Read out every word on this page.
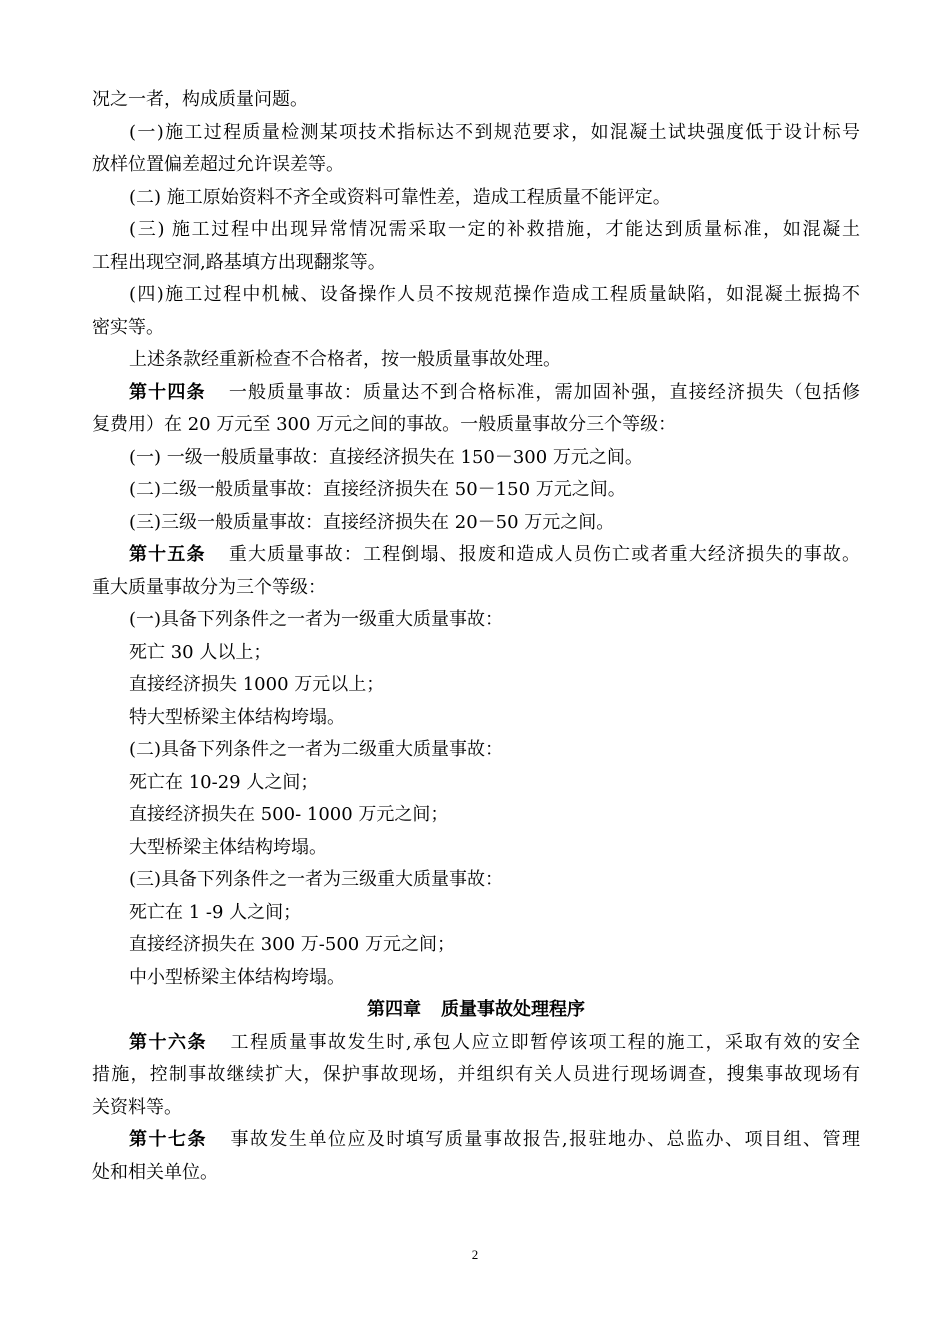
况之一者，构成质量问题。
(一)施工过程质量检测某项技术指标达不到规范要求，如混凝土试块强度低于设计标号
放样位置偏差超过允许误差等。
(二) 施工原始资料不齐全或资料可靠性差，造成工程质量不能评定。
(三) 施工过程中出现异常情况需采取一定的补救措施，才能达到质量标准，如混凝土
工程出现空洞,路基填方出现翻浆等。
(四)施工过程中机械、设备操作人员不按规范操作造成工程质量缺陷，如混凝土振捣不
密实等。
上述条款经重新检查不合格者，按一般质量事故处理。
第十四条 一般质量事故：质量达不到合格标准，需加固补强，直接经济损失（包括修
复费用）在 20 万元至 300 万元之间的事故。一般质量事故分三个等级：
(一) 一级一般质量事故：直接经济损失在 150－300 万元之间。
(二)二级一般质量事故：直接经济损失在 50－150 万元之间。
(三)三级一般质量事故：直接经济损失在 20－50 万元之间。
第十五条 重大质量事故：工程倒塌、报废和造成人员伤亡或者重大经济损失的事故。
重大质量事故分为三个等级：
(一)具备下列条件之一者为一级重大质量事故：
死亡 30 人以上；
直接经济损失 1000 万元以上；
特大型桥梁主体结构垮塌。
(二)具备下列条件之一者为二级重大质量事故：
死亡在 10-29 人之间；
直接经济损失在 500- 1000 万元之间；
大型桥梁主体结构垮塌。
(三)具备下列条件之一者为三级重大质量事故：
死亡在 1 -9 人之间；
直接经济损失在 300 万-500 万元之间；
中小型桥梁主体结构垮塌。
第四章 质量事故处理程序
第十六条 工程质量事故发生时,承包人应立即暂停该项工程的施工，采取有效的安全
措施，控制事故继续扩大，保护事故现场，并组织有关人员进行现场调查，搜集事故现场有
关资料等。
第十七条 事故发生单位应及时填写质量事故报告,报驻地办、总监办、项目组、管理
处和相关单位。
2
